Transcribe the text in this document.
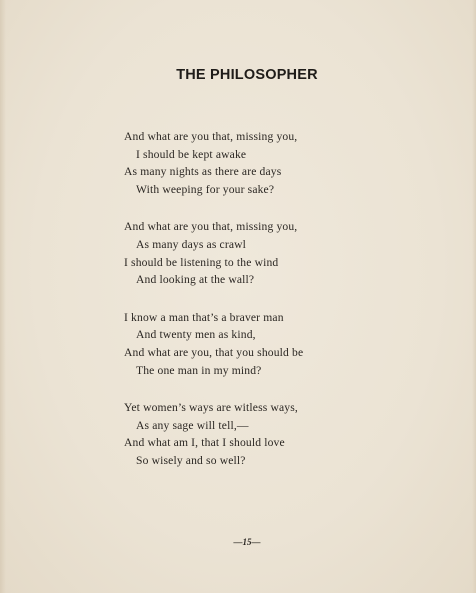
THE PHILOSOPHER
And what are you that, missing you,
I should be kept awake
As many nights as there are days
With weeping for your sake?
And what are you that, missing you,
As many days as crawl
I should be listening to the wind
And looking at the wall?
I know a man that’s a braver man
And twenty men as kind,
And what are you, that you should be
The one man in my mind?
Yet women’s ways are witless ways,
As any sage will tell,—
And what am I, that I should love
So wisely and so well?
—15—
